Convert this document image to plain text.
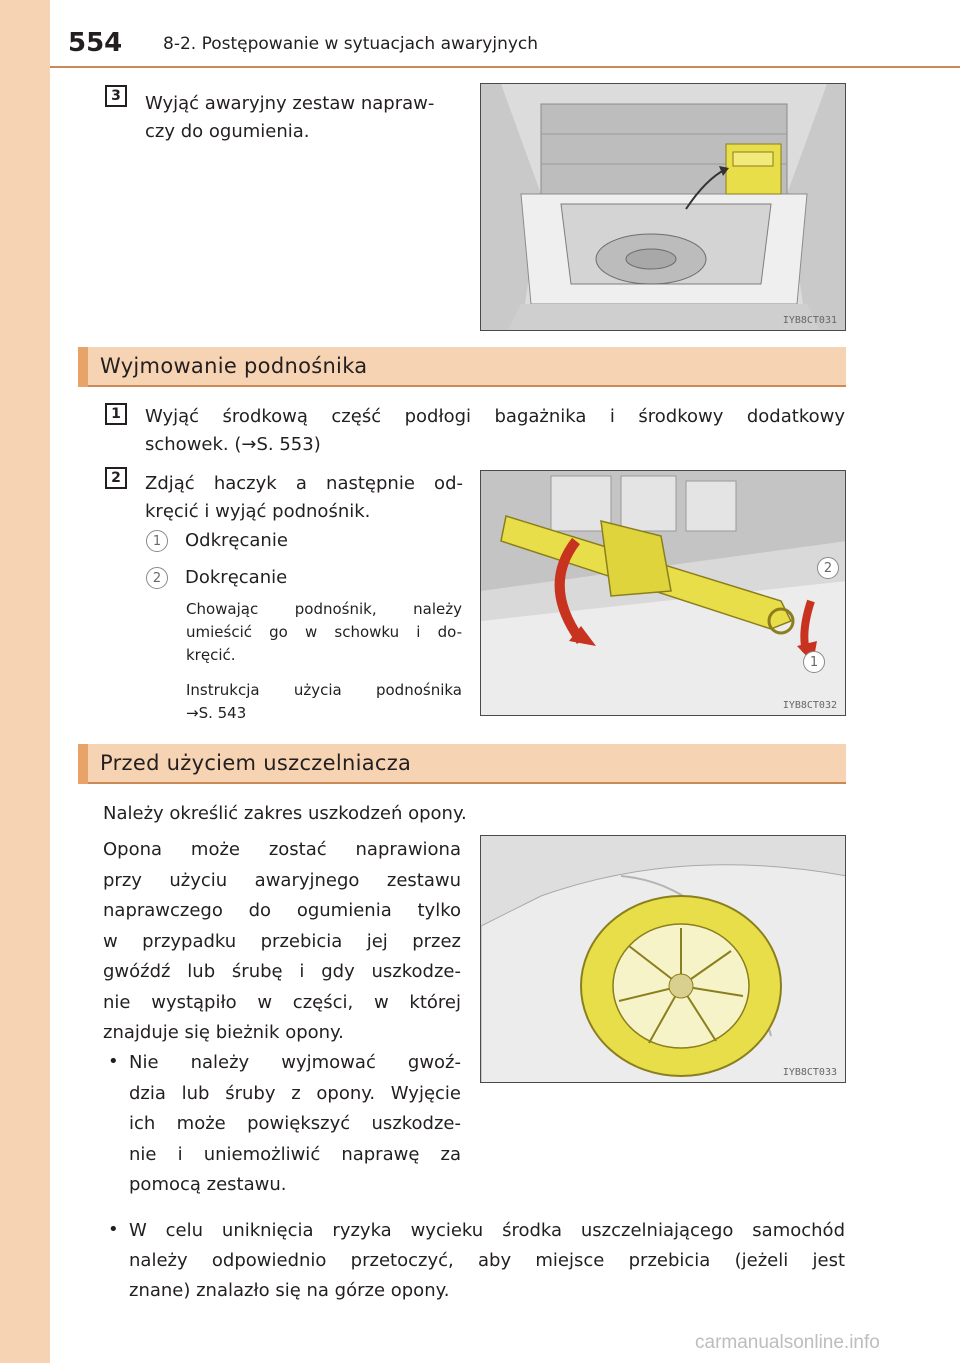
554 8-2. Postępowanie w sytuacjach awaryjnych
3	Wyjąć awaryjny zestaw napraw-
czy do ogumienia.
IYB8CT031
Wyjmowanie podnośnika
1	Wyjąć środkową część podłogi bagażnika i środkowy dodatkowy
schowek. (→S. 553)
2	Zdjąć haczyk a następnie od-
kręcić i wyjąć podnośnik.
1	Odkręcanie
2	Dokręcanie
Chowając podnośnik, należy
umieścić go w schowku i do-
kręcić.
Instrukcja użycia podnośnika
→S. 543
2
1
IYB8CT032
Przed użyciem uszczelniacza
Należy określić zakres uszkodzeń opony.
Opona może zostać naprawiona
przy użyciu awaryjnego zestawu
naprawczego do ogumienia tylko
w przypadku przebicia jej przez
gwóźdź lub śrubę i gdy uszkodze-
nie wystąpiło w części, w której
znajduje się bieżnik opony.
• Nie należy wyjmować gwoź-
dzia lub śruby z opony. Wyjęcie
ich może powiększyć uszkodze-
nie i uniemożliwić naprawę za
pomocą zestawu.
IYB8CT033
• W celu uniknięcia ryzyka wycieku środka uszczelniającego samochód
należy odpowiednio przetoczyć, aby miejsce przebicia (jeżeli jest
znane) znalazło się na górze opony.
carmanualsonline.info
